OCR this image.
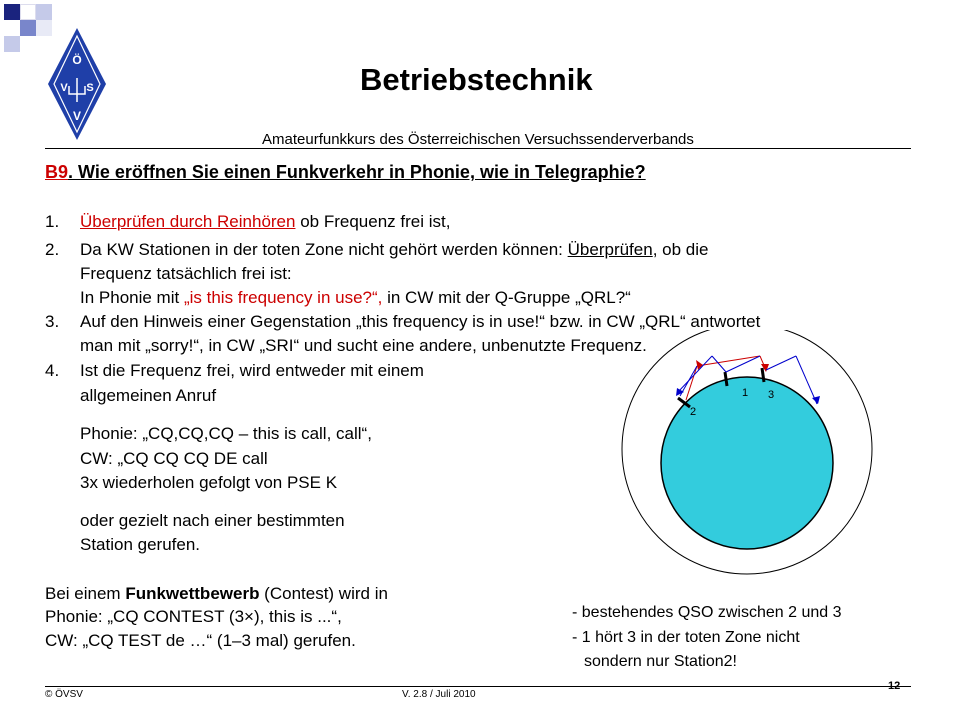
Ö
V S
V
Betriebstechnik
Amateurfunkkurs des Österreichischen Versuchssenderverbands
B9. Wie eröffnen Sie einen Funkverkehr in Phonie, wie in Telegraphie?
1. Überprüfen durch Reinhören ob Frequenz frei ist,
2. Da KW Stationen in der toten Zone nicht gehört werden können: Überprüfen, ob die
Frequenz tatsächlich frei ist:
In Phonie mit „is this frequency in use?“, in CW mit der Q-Gruppe „QRL?“
3. Auf den Hinweis einer Gegenstation „this frequency is in use!“ bzw. in CW „QRL“ antwortet
man mit „sorry!“, in CW „SRI“ und sucht eine andere, unbenutzte Frequenz.
4. Ist die Frequenz frei, wird entweder mit einem
allgemeinen Anruf
Phonie: „CQ,CQ,CQ – this is call, call“,
CW: „CQ CQ CQ DE call
3x wiederholen gefolgt von PSE K
oder gezielt nach einer bestimmten
Station gerufen.
Bei einem Funkwettbewerb (Contest) wird in
Phonie: „CQ CONTEST (3×), this is ...“,
CW: „CQ TEST de …“ (1–3 mal) gerufen.
1
2
3
- bestehendes QSO zwischen 2 und 3
- 1 hört 3 in der toten Zone nicht
sondern nur Station2!
© ÖVSV	V. 2.8 / Juli 2010
12
